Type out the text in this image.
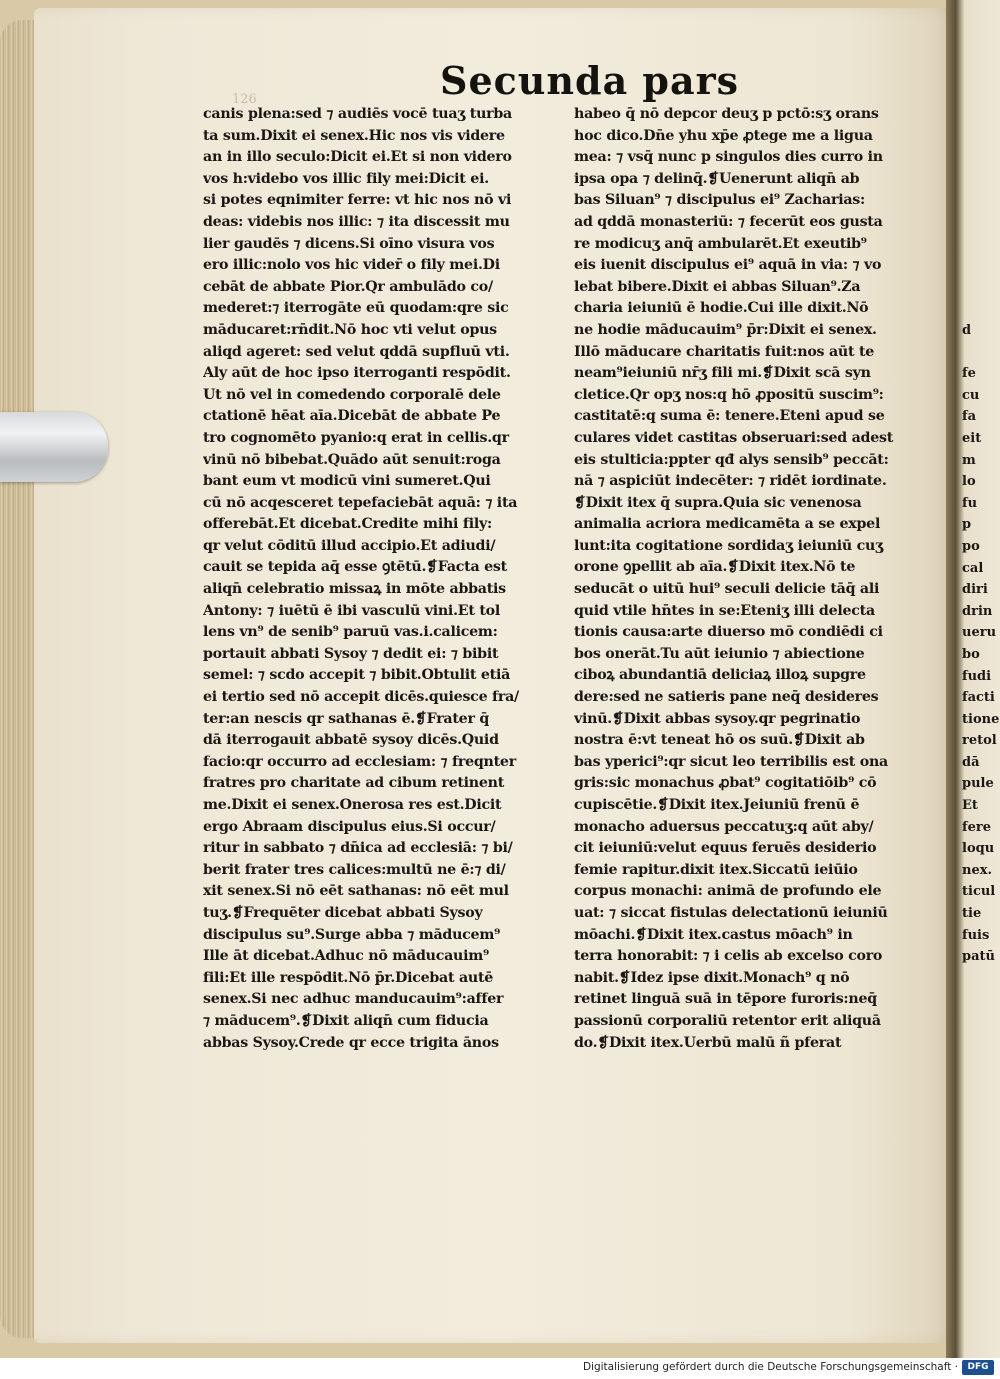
126	Secunda pars
canis plena:sed ⁊ audiēs vocē tuaʒ turba
ta sum.Dixit ei senex.Hic nos vis videre
an in illo seculo:Dicit ei.Et si non videro
vos h:videbo vos illic fily mei:Dicit ei.
si potes eqnimiter ferre: vt hic nos nō vi
deas: videbis nos illic: ⁊ ita discessit mu
lier gaudēs ⁊ dicens.Si oīno visura vos
ero illic:nolo vos hic vider̄ o fily mei.Di
cebāt de abbate Pior.Qr ambulādo co/
mederet:⁊ iterrogāte eū quodam:qre sic
māducaret:rn̄dit.Nō hoc vti velut opus
aliqd ageret: sed velut qddā supfluū vti.
Aly aūt de hoc ipso iterroganti respōdit.
Ut nō vel in comedendo corporalē dele
ctationē hēat aīa.Dicebāt de abbate Pe
tro cognomēto pyanio:q erat in cellis.qr
vinū nō bibebat.Quādo aūt senuit:roga
bant eum vt modicū vini sumeret.Qui
cū nō acqesceret tepefaciebāt aquā: ⁊ ita
offerebāt.Et dicebat.Credite mihi fily:
qr velut cōditū illud accipio.Et adiudi/
cauit se tepida aq̄ esse ꝯtētū.❡Facta est
aliqn̄ celebratio missaꝝ in mōte abbatis
Antony: ⁊ iuētū ē ibi vasculū vini.Et tol
lens vn⁹ de senib⁹ paruū vas.i.calicem:
portauit abbati Sysoy ⁊ dedit ei: ⁊ bibit
semel: ⁊ scdo accepit ⁊ bibit.Obtulit etiā
ei tertio sed nō accepit dicēs.quiesce fra/
ter:an nescis qr sathanas ē.❡Frater q̄
dā iterrogauit abbatē sysoy dicēs.Quid
facio:qr occurro ad ecclesiam: ⁊ freqnter
fratres pro charitate ad cibum retinent
me.Dixit ei senex.Onerosa res est.Dicit
ergo Abraam discipulus eius.Si occur/
ritur in sabbato ⁊ dn̄ica ad ecclesiā: ⁊ bi/
berit frater tres calices:multū ne ē:⁊ di/
xit senex.Si nō eēt sathanas: nō eēt mul
tuʒ.❡Frequēter dicebat abbati Sysoy
discipulus su⁹.Surge abba ⁊ māducem⁹
Ille āt dicebat.Adhuc nō māducauim⁹
fili:Et ille respōdit.Nō p̄r.Dicebat autē
senex.Si nec adhuc manducauim⁹:affer
⁊ māducem⁹.❡Dixit aliqn̄ cum fiducia
abbas Sysoy.Crede qr ecce trigita ānos
habeo q̄ nō depcor deuʒ p pctō:sʒ orans
hoc dico.Dn̄e yhu xp̄e ꝓtege me a ligua
mea: ⁊ vsq̄ nunc p singulos dies curro in
ipsa opa ⁊ delinq̄.❡Uenerunt aliqn̄ ab
bas Siluan⁹ ⁊ discipulus ei⁹ Zacharias:
ad qddā monasteriū: ⁊ fecerūt eos gusta
re modicuʒ anq̄ ambularēt.Et exeutib⁹
eis iuenit discipulus ei⁹ aquā in via: ⁊ vo
lebat bibere.Dixit ei abbas Siluan⁹.Za
charia ieiuniū ē hodie.Cui ille dixit.Nō
ne hodie māducauim⁹ p̄r:Dixit ei senex.
Illō māducare charitatis fuit:nos aūt te
neam⁹ieiuniū nr̄ʒ fili mi.❡Dixit scā syn
cletice.Qr opʒ nos:q hō ꝓpositū suscim⁹:
castitatē:q suma ē: tenere.Eteni apud se
culares videt castitas obseruari:sed adest
eis stulticia:ppter qđ alys sensib⁹ peccāt:
nā ⁊ aspiciūt indecēter: ⁊ ridēt iordinate.
❡Dixit itex q̄ supra.Quia sic venenosa
animalia acriora medicamēta a se expel
lunt:ita cogitatione sordidaʒ ieiuniū cuʒ
orone ꝯpellit ab aīa.❡Dixit itex.Nō te
seducāt o uitū hui⁹ seculi delicie tāq̄ ali
quid vtile hn̄tes in se:Eteniʒ illi delecta
tionis causa:arte diuerso mō condiēdi ci
bos onerāt.Tu aūt ieiunio ⁊ abiectione
ciboꝝ abundantiā deliciaꝝ illoꝝ supgre
dere:sed ne satieris pane neq̄ desideres
vinū.❡Dixit abbas sysoy.qr pegrinatio
nostra ē:vt teneat hō os suū.❡Dixit ab
bas yperici⁹:qr sicut leo terribilis est ona
gris:sic monachus ꝓbat⁹ cogitatiōib⁹ cō
cupiscētie.❡Dixit itex.Jeiuniū frenū ē
monacho aduersus peccatuʒ:q aūt aby/
cit ieiuniū:velut equus feruēs desiderio
femie rapitur.dixit itex.Siccatū ieiūio
corpus monachi: animā de profundo ele
uat: ⁊ siccat fistulas delectationū ieiuniū
mōachi.❡Dixit itex.castus mōach⁹ in
terra honorabit: ⁊ i celis ab excelso coro
nabit.❡Idez ipse dixit.Monach⁹ q nō
retinet linguā suā in tēpore furoris:neq̄
passionū corporaliū retentor erit aliquā
do.❡Dixit itex.Uerbū malū ñ pferat
d
fe
cu
fa
eit
m
lo
fu
p
po
cal
diri
drin
ueru
bo
fudi
facti
tione
retol
dā
pule
Et
fere
loqu
nex.
ticul
tie
fuis
patū
Digitalisierung gefördert durch die Deutsche Forschungsgemeinschaft ·	DFG
